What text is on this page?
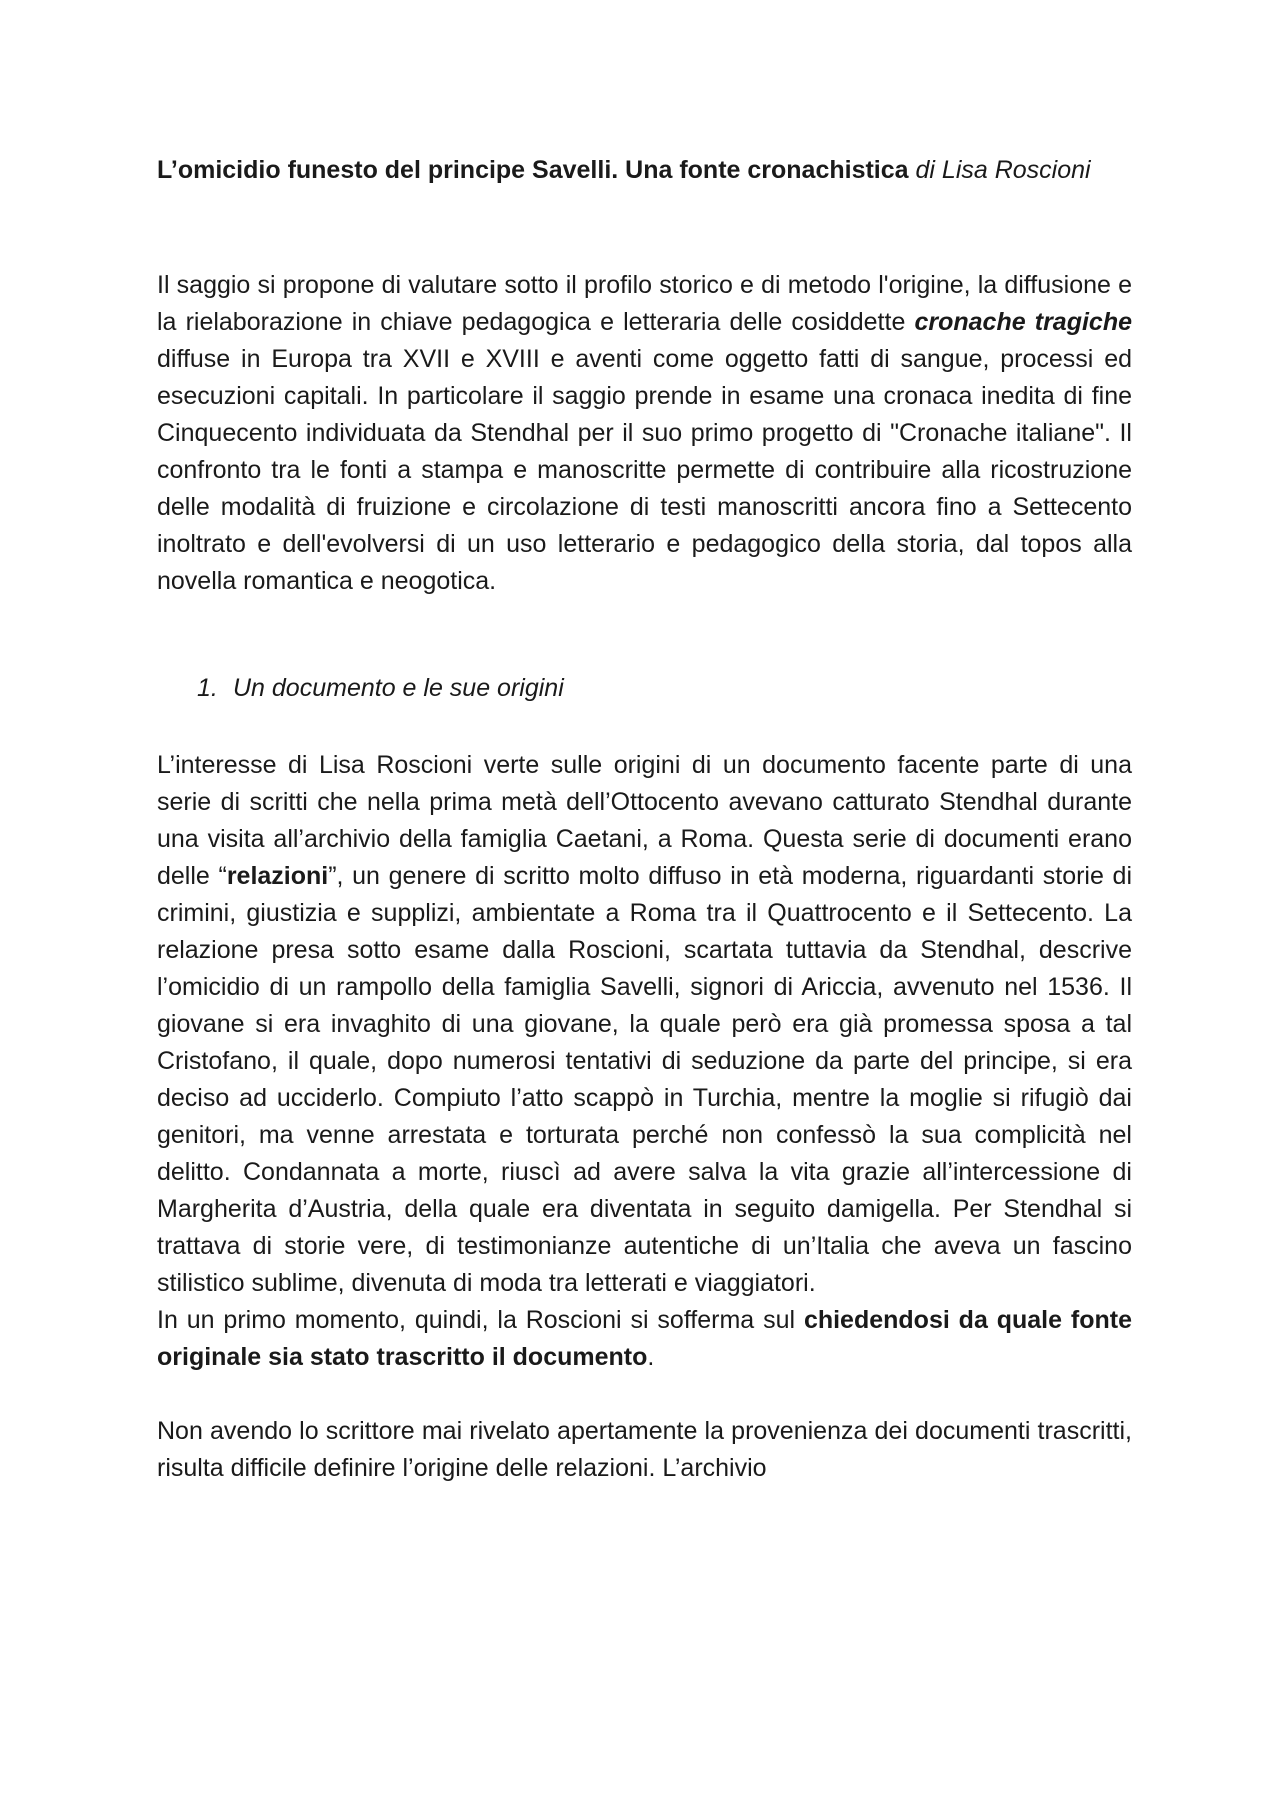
L’omicidio funesto del principe Savelli. Una fonte cronachistica di Lisa Roscioni

Il saggio si propone di valutare sotto il profilo storico e di metodo l'origine, la diffusione e la rielaborazione in chiave pedagogica e letteraria delle cosiddette cronache tragiche diffuse in Europa tra XVII e XVIII e aventi come oggetto fatti di sangue, processi ed esecuzioni capitali. In particolare il saggio prende in esame una cronaca inedita di fine Cinquecento individuata da Stendhal per il suo primo progetto di "Cronache italiane". Il confronto tra le fonti a stampa e manoscritte permette di contribuire alla ricostruzione delle modalità di fruizione e circolazione di testi manoscritti ancora fino a Settecento inoltrato e dell'evolversi di un uso letterario e pedagogico della storia, dal topos alla novella romantica e neogotica.

1. Un documento e le sue origini

L’interesse di Lisa Roscioni verte sulle origini di un documento facente parte di una serie di scritti che nella prima metà dell’Ottocento avevano catturato Stendhal durante una visita all’archivio della famiglia Caetani, a Roma. Questa serie di documenti erano delle “relazioni”, un genere di scritto molto diffuso in età moderna, riguardanti storie di crimini, giustizia e supplizi, ambientate a Roma tra il Quattrocento e il Settecento. La relazione presa sotto esame dalla Roscioni, scartata tuttavia da Stendhal, descrive l’omicidio di un rampollo della famiglia Savelli, signori di Ariccia, avvenuto nel 1536. Il giovane si era invaghito di una giovane, la quale però era già promessa sposa a tal Cristofano, il quale, dopo numerosi tentativi di seduzione da parte del principe, si era deciso ad ucciderlo. Compiuto l’atto scappò in Turchia, mentre la moglie si rifugiò dai genitori, ma venne arrestata e torturata perché non confessò la sua complicità nel delitto. Condannata a morte, riuscì ad avere salva la vita grazie all’intercessione di Margherita d’Austria, della quale era diventata in seguito damigella. Per Stendhal si trattava di storie vere, di testimonianze autentiche di un’Italia che aveva un fascino stilistico sublime, divenuta di moda tra letterati e viaggiatori.

In un primo momento, quindi, la Roscioni si sofferma sul chiedendosi da quale fonte originale sia stato trascritto il documento.

Non avendo lo scrittore mai rivelato apertamente la provenienza dei documenti trascritti, risulta difficile definire l’origine delle relazioni. L’archivio
